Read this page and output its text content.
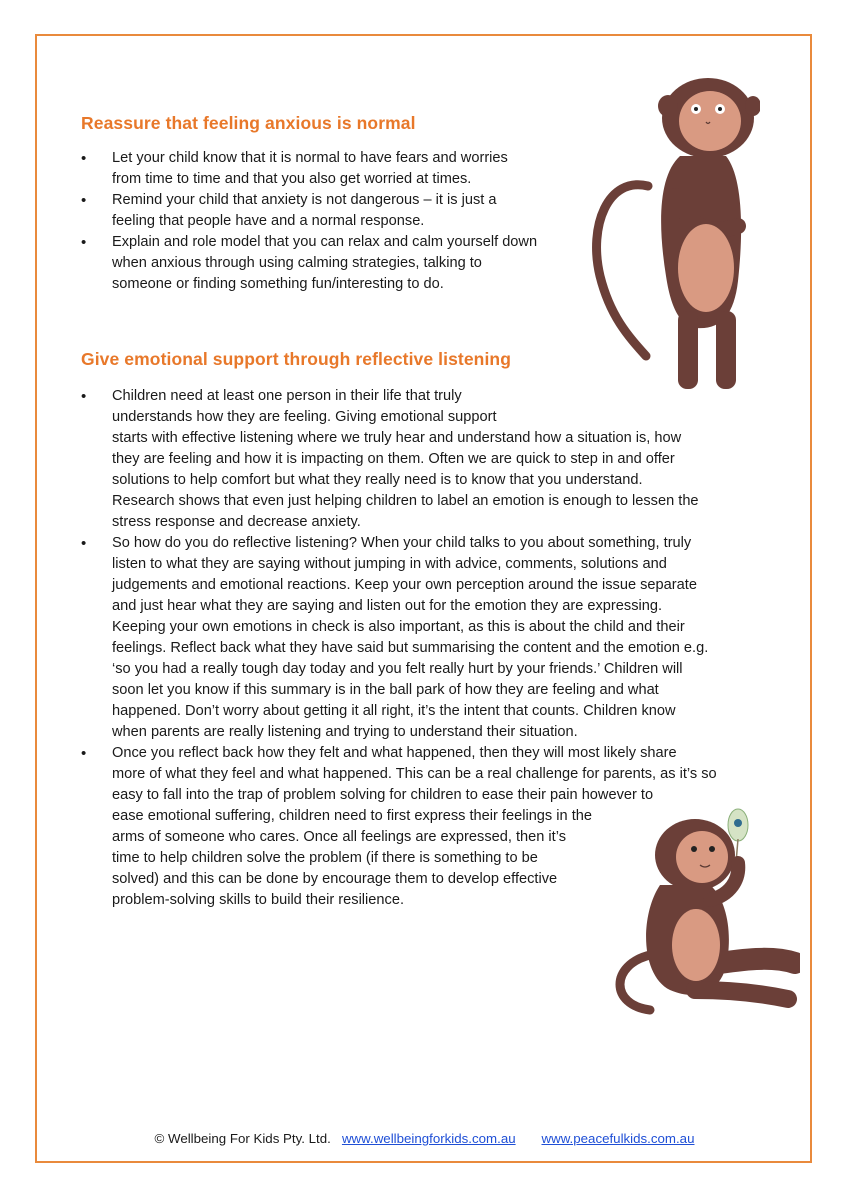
Reassure that feeling anxious is normal
• Let your child know that it is normal to have fears and worries
from time to time and that you also get worried at times.
• Remind your child that anxiety is not dangerous – it is just a
feeling that people have and a normal response.
• Explain and role model that you can relax and calm yourself down
when anxious through using calming strategies, talking to
someone or finding something fun/interesting to do.
Give emotional support through reflective listening
• Children need at least one person in their life that truly
understands how they are feeling. Giving emotional support
starts with effective listening where we truly hear and understand how a situation is, how
they are feeling and how it is impacting on them. Often we are quick to step in and offer
solutions to help comfort but what they really need is to know that you understand.
Research shows that even just helping children to label an emotion is enough to lessen the
stress response and decrease anxiety.
• So how do you do reflective listening? When your child talks to you about something, truly
listen to what they are saying without jumping in with advice, comments, solutions and
judgements and emotional reactions. Keep your own perception around the issue separate
and just hear what they are saying and listen out for the emotion they are expressing.
Keeping your own emotions in check is also important, as this is about the child and their
feelings. Reflect back what they have said but summarising the content and the emotion e.g.
‘so you had a really tough day today and you felt really hurt by your friends.’ Children will
soon let you know if this summary is in the ball park of how they are feeling and what
happened. Don’t worry about getting it all right, it’s the intent that counts. Children know
when parents are really listening and trying to understand their situation.
• Once you reflect back how they felt and what happened, then they will most likely share
more of what they feel and what happened. This can be a real challenge for parents, as it’s so
easy to fall into the trap of problem solving for children to ease their pain however to
ease emotional suffering, children need to first express their feelings in the
arms of someone who cares. Once all feelings are expressed, then it’s
time to help children solve the problem (if there is something to be
solved) and this can be done by encourage them to develop effective
problem-solving skills to build their resilience.
© Wellbeing For Kids Pty. Ltd. www.wellbeingforkids.com.au www.peacefulkids.com.au
